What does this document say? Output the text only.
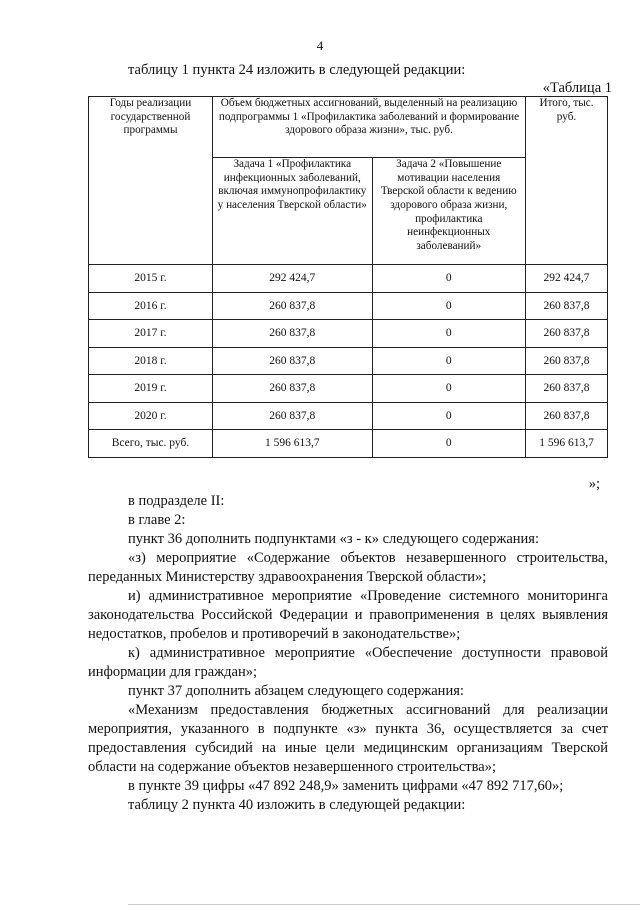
4
таблицу 1 пункта 24 изложить в следующей редакции:
«Таблица 1
Годы реализации государственной программы	Объем бюджетных ассигнований, выделенный на реализацию подпрограммы 1 «Профилактика заболеваний и формирование здорового образа жизни», тыс. руб.		Итого, тыс. руб.
	Задача 1 «Профилактика инфекционных заболеваний, включая иммунопрофилактику у населения Тверской области»	Задача 2 «Повышение мотивации населения Тверской области к ведению здорового образа жизни, профилактика неинфекционных заболеваний»	
2015 г.	292 424,7	0	292 424,7
2016 г.	260 837,8	0	260 837,8
2017 г.	260 837,8	0	260 837,8
2018 г.	260 837,8	0	260 837,8
2019 г.	260 837,8	0	260 837,8
2020 г.	260 837,8	0	260 837,8
Всего, тыс. руб.	1 596 613,7	0	1 596 613,7
»;

в подразделе II:

в главе 2:

пункт 36 дополнить подпунктами «з - к» следующего содержания:

«з) мероприятие «Содержание объектов незавершенного строительства, переданных Министерству здравоохранения Тверской области»;

и) административное мероприятие «Проведение системного мониторинга законодательства Российской Федерации и правоприменения в целях выявления недостатков, пробелов и противоречий в законодательстве»;

к) административное мероприятие «Обеспечение доступности правовой информации для граждан»;

пункт 37 дополнить абзацем следующего содержания:

«Механизм предоставления бюджетных ассигнований для реализации мероприятия, указанного в подпункте «з» пункта 36, осуществляется за счет предоставления субсидий на иные цели медицинским организациям Тверской области на содержание объектов незавершенного строительства»;

в пункте 39 цифры «47 892 248,9» заменить цифрами «47 892 717,60»;

таблицу 2 пункта 40 изложить в следующей редакции:
